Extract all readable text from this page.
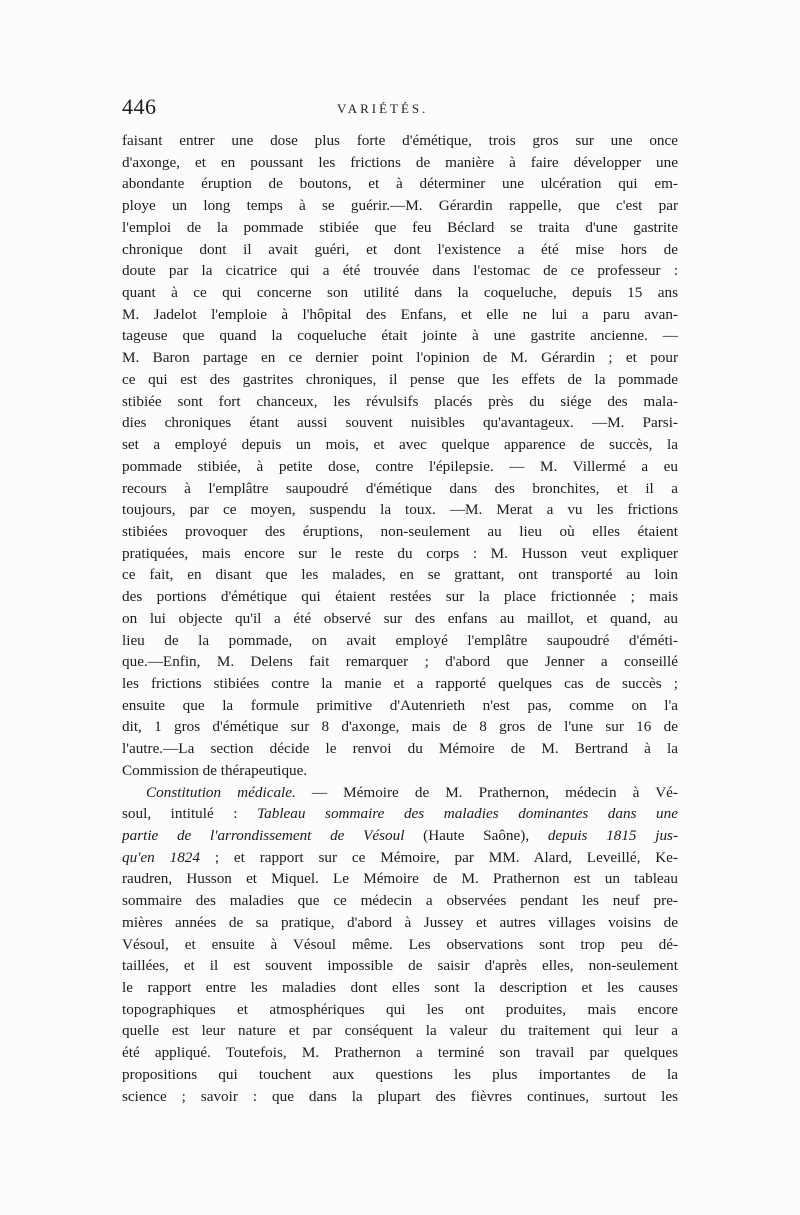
446	VARIÉTÉS.
faisant entrer une dose plus forte d'émétique, trois gros sur une once
d'axonge, et en poussant les frictions de manière à faire développer une
abondante éruption de boutons, et à déterminer une ulcération qui em-
ploye un long temps à se guérir.—M. Gérardin rappelle, que c'est par
l'emploi de la pommade stibiée que feu Béclard se traita d'une gastrite
chronique dont il avait guéri, et dont l'existence a été mise hors de
doute par la cicatrice qui a été trouvée dans l'estomac de ce professeur :
quant à ce qui concerne son utilité dans la coqueluche, depuis 15 ans
M. Jadelot l'emploie à l'hôpital des Enfans, et elle ne lui a paru avan-
tageuse que quand la coqueluche était jointe à une gastrite ancienne. —
M. Baron partage en ce dernier point l'opinion de M. Gérardin ; et pour
ce qui est des gastrites chroniques, il pense que les effets de la pommade
stibiée sont fort chanceux, les révulsifs placés près du siége des mala-
dies chroniques étant aussi souvent nuisibles qu'avantageux. —M. Parsi-
set a employé depuis un mois, et avec quelque apparence de succès, la
pommade stibiée, à petite dose, contre l'épilepsie. — M. Villermé a eu
recours à l'emplâtre saupoudré d'émétique dans des bronchites, et il a
toujours, par ce moyen, suspendu la toux. —M. Merat a vu les frictions
stibiées provoquer des éruptions, non-seulement au lieu où elles étaient
pratiquées, mais encore sur le reste du corps : M. Husson veut expliquer
ce fait, en disant que les malades, en se grattant, ont transporté au loin
des portions d'émétique qui étaient restées sur la place frictionnée ; mais
on lui objecte qu'il a été observé sur des enfans au maillot, et quand, au
lieu de la pommade, on avait employé l'emplâtre saupoudré d'éméti-
que.—Enfin, M. Delens fait remarquer ; d'abord que Jenner a conseillé
les frictions stibiées contre la manie et a rapporté quelques cas de succès ;
ensuite que la formule primitive d'Autenrieth n'est pas, comme on l'a
dit, 1 gros d'émétique sur 8 d'axonge, mais de 8 gros de l'une sur 16 de
l'autre.—La section décide le renvoi du Mémoire de M. Bertrand à la
Commission de thérapeutique.
Constitution médicale. — Mémoire de M. Prathernon, médecin à Vé-
soul, intitulé : Tableau sommaire des maladies dominantes dans une
partie de l'arrondissement de Vésoul (Haute Saône), depuis 1815 jus-
qu'en 1824 ; et rapport sur ce Mémoire, par MM. Alard, Leveillé, Ke-
raudren, Husson et Miquel. Le Mémoire de M. Prathernon est un tableau
sommaire des maladies que ce médecin a observées pendant les neuf pre-
mières années de sa pratique, d'abord à Jussey et autres villages voisins de
Vésoul, et ensuite à Vésoul même. Les observations sont trop peu dé-
taillées, et il est souvent impossible de saisir d'après elles, non-seulement
le rapport entre les maladies dont elles sont la description et les causes
topographiques et atmosphériques qui les ont produites, mais encore
quelle est leur nature et par conséquent la valeur du traitement qui leur a
été appliqué. Toutefois, M. Prathernon a terminé son travail par quelques
propositions qui touchent aux questions les plus importantes de la
science ; savoir : que dans la plupart des fièvres continues, surtout les
